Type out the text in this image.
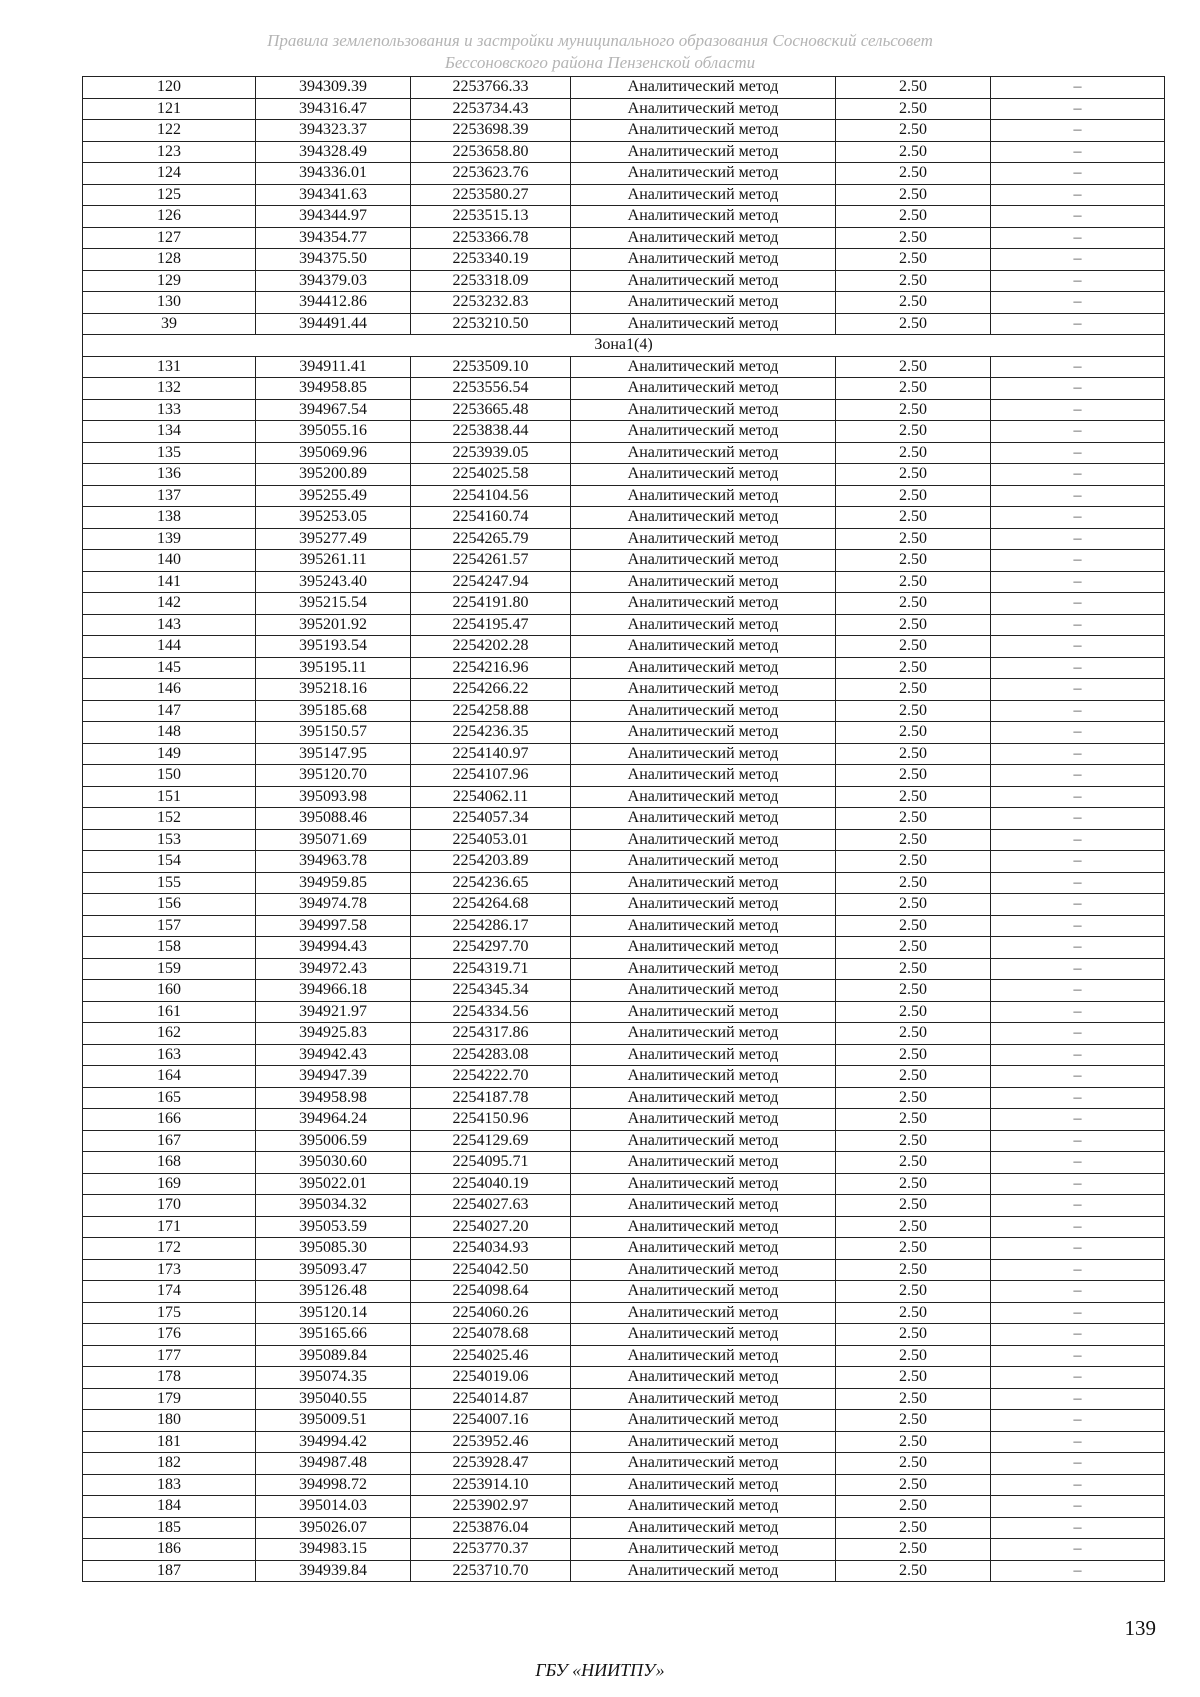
Правила землепользования и застройки муниципального образования Сосновский сельсовет
Бессоновского района Пензенской области
120	394309.39	2253766.33	Аналитический метод	2.50	–
121	394316.47	2253734.43	Аналитический метод	2.50	–
122	394323.37	2253698.39	Аналитический метод	2.50	–
123	394328.49	2253658.80	Аналитический метод	2.50	–
124	394336.01	2253623.76	Аналитический метод	2.50	–
125	394341.63	2253580.27	Аналитический метод	2.50	–
126	394344.97	2253515.13	Аналитический метод	2.50	–
127	394354.77	2253366.78	Аналитический метод	2.50	–
128	394375.50	2253340.19	Аналитический метод	2.50	–
129	394379.03	2253318.09	Аналитический метод	2.50	–
130	394412.86	2253232.83	Аналитический метод	2.50	–
39	394491.44	2253210.50	Аналитический метод	2.50	–
Зона1(4)					
131	394911.41	2253509.10	Аналитический метод	2.50	–
132	394958.85	2253556.54	Аналитический метод	2.50	–
133	394967.54	2253665.48	Аналитический метод	2.50	–
134	395055.16	2253838.44	Аналитический метод	2.50	–
135	395069.96	2253939.05	Аналитический метод	2.50	–
136	395200.89	2254025.58	Аналитический метод	2.50	–
137	395255.49	2254104.56	Аналитический метод	2.50	–
138	395253.05	2254160.74	Аналитический метод	2.50	–
139	395277.49	2254265.79	Аналитический метод	2.50	–
140	395261.11	2254261.57	Аналитический метод	2.50	–
141	395243.40	2254247.94	Аналитический метод	2.50	–
142	395215.54	2254191.80	Аналитический метод	2.50	–
143	395201.92	2254195.47	Аналитический метод	2.50	–
144	395193.54	2254202.28	Аналитический метод	2.50	–
145	395195.11	2254216.96	Аналитический метод	2.50	–
146	395218.16	2254266.22	Аналитический метод	2.50	–
147	395185.68	2254258.88	Аналитический метод	2.50	–
148	395150.57	2254236.35	Аналитический метод	2.50	–
149	395147.95	2254140.97	Аналитический метод	2.50	–
150	395120.70	2254107.96	Аналитический метод	2.50	–
151	395093.98	2254062.11	Аналитический метод	2.50	–
152	395088.46	2254057.34	Аналитический метод	2.50	–
153	395071.69	2254053.01	Аналитический метод	2.50	–
154	394963.78	2254203.89	Аналитический метод	2.50	–
155	394959.85	2254236.65	Аналитический метод	2.50	–
156	394974.78	2254264.68	Аналитический метод	2.50	–
157	394997.58	2254286.17	Аналитический метод	2.50	–
158	394994.43	2254297.70	Аналитический метод	2.50	–
159	394972.43	2254319.71	Аналитический метод	2.50	–
160	394966.18	2254345.34	Аналитический метод	2.50	–
161	394921.97	2254334.56	Аналитический метод	2.50	–
162	394925.83	2254317.86	Аналитический метод	2.50	–
163	394942.43	2254283.08	Аналитический метод	2.50	–
164	394947.39	2254222.70	Аналитический метод	2.50	–
165	394958.98	2254187.78	Аналитический метод	2.50	–
166	394964.24	2254150.96	Аналитический метод	2.50	–
167	395006.59	2254129.69	Аналитический метод	2.50	–
168	395030.60	2254095.71	Аналитический метод	2.50	–
169	395022.01	2254040.19	Аналитический метод	2.50	–
170	395034.32	2254027.63	Аналитический метод	2.50	–
171	395053.59	2254027.20	Аналитический метод	2.50	–
172	395085.30	2254034.93	Аналитический метод	2.50	–
173	395093.47	2254042.50	Аналитический метод	2.50	–
174	395126.48	2254098.64	Аналитический метод	2.50	–
175	395120.14	2254060.26	Аналитический метод	2.50	–
176	395165.66	2254078.68	Аналитический метод	2.50	–
177	395089.84	2254025.46	Аналитический метод	2.50	–
178	395074.35	2254019.06	Аналитический метод	2.50	–
179	395040.55	2254014.87	Аналитический метод	2.50	–
180	395009.51	2254007.16	Аналитический метод	2.50	–
181	394994.42	2253952.46	Аналитический метод	2.50	–
182	394987.48	2253928.47	Аналитический метод	2.50	–
183	394998.72	2253914.10	Аналитический метод	2.50	–
184	395014.03	2253902.97	Аналитический метод	2.50	–
185	395026.07	2253876.04	Аналитический метод	2.50	–
186	394983.15	2253770.37	Аналитический метод	2.50	–
187	394939.84	2253710.70	Аналитический метод	2.50	–
139
ГБУ «НИИТПУ»
